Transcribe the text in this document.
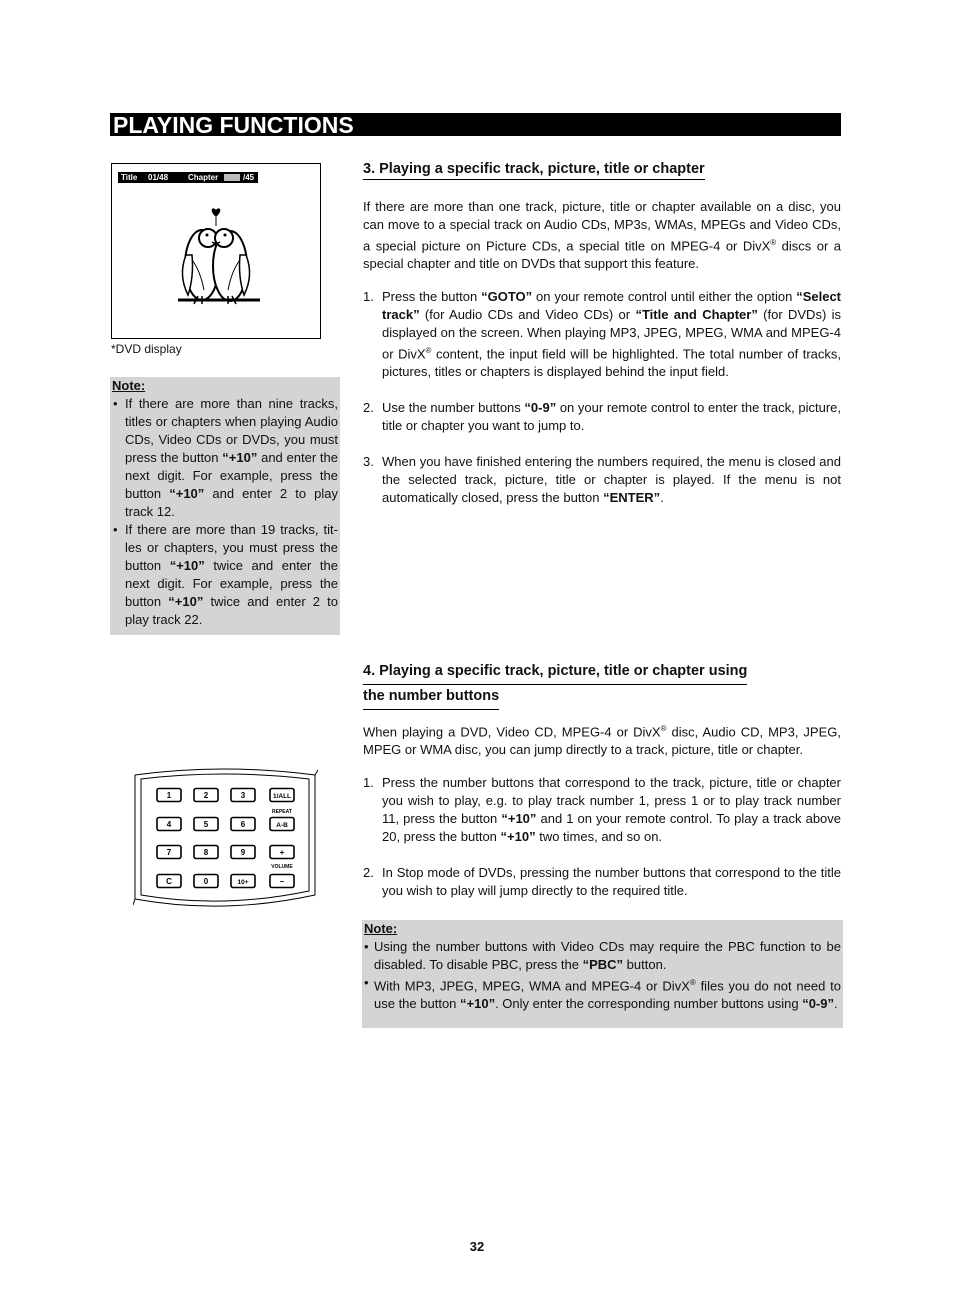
PLAYING FUNCTIONS
Title 01/48 Chapter	/45
*DVD display
Note:
• If there are more than nine tracks, titles or chapters when playing Audio CDs, Video CDs or DVDs, you must press the button “+10” and enter the next digit. For example, press the button “+10” and enter 2 to play track 12.
• If there are more than 19 tracks, titles or chapters, you must press the button “+10” twice and enter the next digit. For example, press the button “+10” twice and enter 2 to play track 22.
3. Playing a specific track, picture, title or chapter
If there are more than one track, picture, title or chapter available on a disc, you can move to a special track on Audio CDs, MP3s, WMAs, MPEGs and Video CDs, a special picture on Picture CDs, a special title on MPEG-4 or DivX® discs or a special chapter and title on DVDs that support this feature.
1. Press the button “GOTO” on your remote control until either the option “Select track” (for Audio CDs and Video CDs) or “Title and Chapter” (for DVDs) is displayed on the screen. When playing MP3, JPEG, MPEG, WMA and MPEG-4 or DivX® content, the input field will be highlighted. The total number of tracks, pictures, titles or chapters is displayed behind the input field.
2. Use the number buttons “0-9” on your remote control to enter the track, picture, title or chapter you want to jump to.
3. When you have finished entering the numbers required, the menu is closed and the selected track, picture, title or chapter is played. If the menu is not automatically closed, press the button “ENTER”.
4. Playing a specific track, picture, title or chapter using
the number buttons
When playing a DVD, Video CD, MPEG-4 or DivX® disc, Audio CD, MP3, JPEG, MPEG or WMA disc, you can jump directly to a track, picture, title or chapter.
1. Press the number buttons that correspond to the track, picture, title or chapter you wish to play, e.g. to play track number 1, press 1 or to play track number 11, press the button “+10” and 1 on your remote control. To play a track above 20, press the button “+10” two times, and so on.
2. In Stop mode of DVDs, pressing the number buttons that correspond to the title you wish to play will jump directly to the required title.
Note:
• Using the number buttons with Video CDs may require the PBC function to be disabled. To disable PBC, press the “PBC” button.
• With MP3, JPEG, MPEG, WMA and MPEG-4 or DivX® files you do not need to use the button “+10”. Only enter the corresponding number buttons using “0-9”.
1	2	3	1/ALL
4	5	6	A-B
7	8	9	+
C	0	10+	–
REPEAT
VOLUME
32
